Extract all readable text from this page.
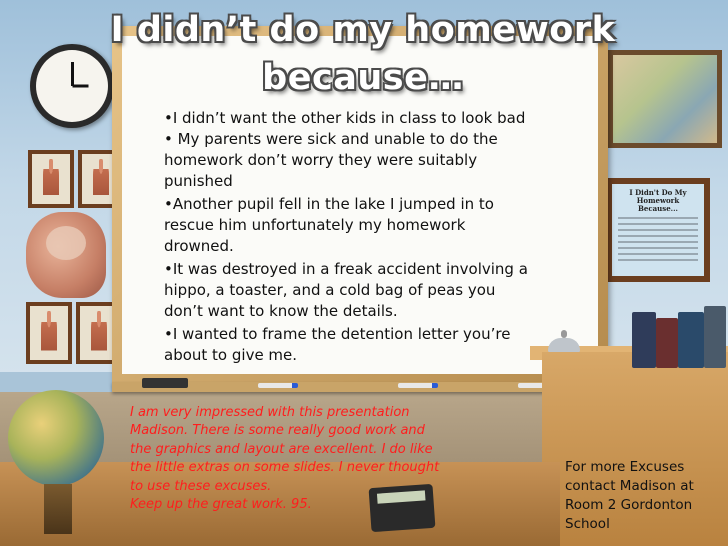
I Didn't Do My Homework Because...
I didn’t do my homework
because…
•I didn’t want the other kids in class to look bad
• My parents were sick and unable to do the homework don’t worry they were suitably punished
•Another pupil fell in the lake I jumped in to rescue him unfortunately my homework drowned.
•It was destroyed in a freak accident involving a hippo, a toaster, and a cold bag of peas you don’t want to know the details.
•I wanted to frame the detention letter you’re about to give me.
I am very impressed with this presentation
Madison. There is some really good work and
the graphics and layout are excellent. I do like
the little extras on some slides. I never thought
to use these excuses.
Keep up the great work. 95.
For more Excuses
contact Madison at
Room 2 Gordonton
School
